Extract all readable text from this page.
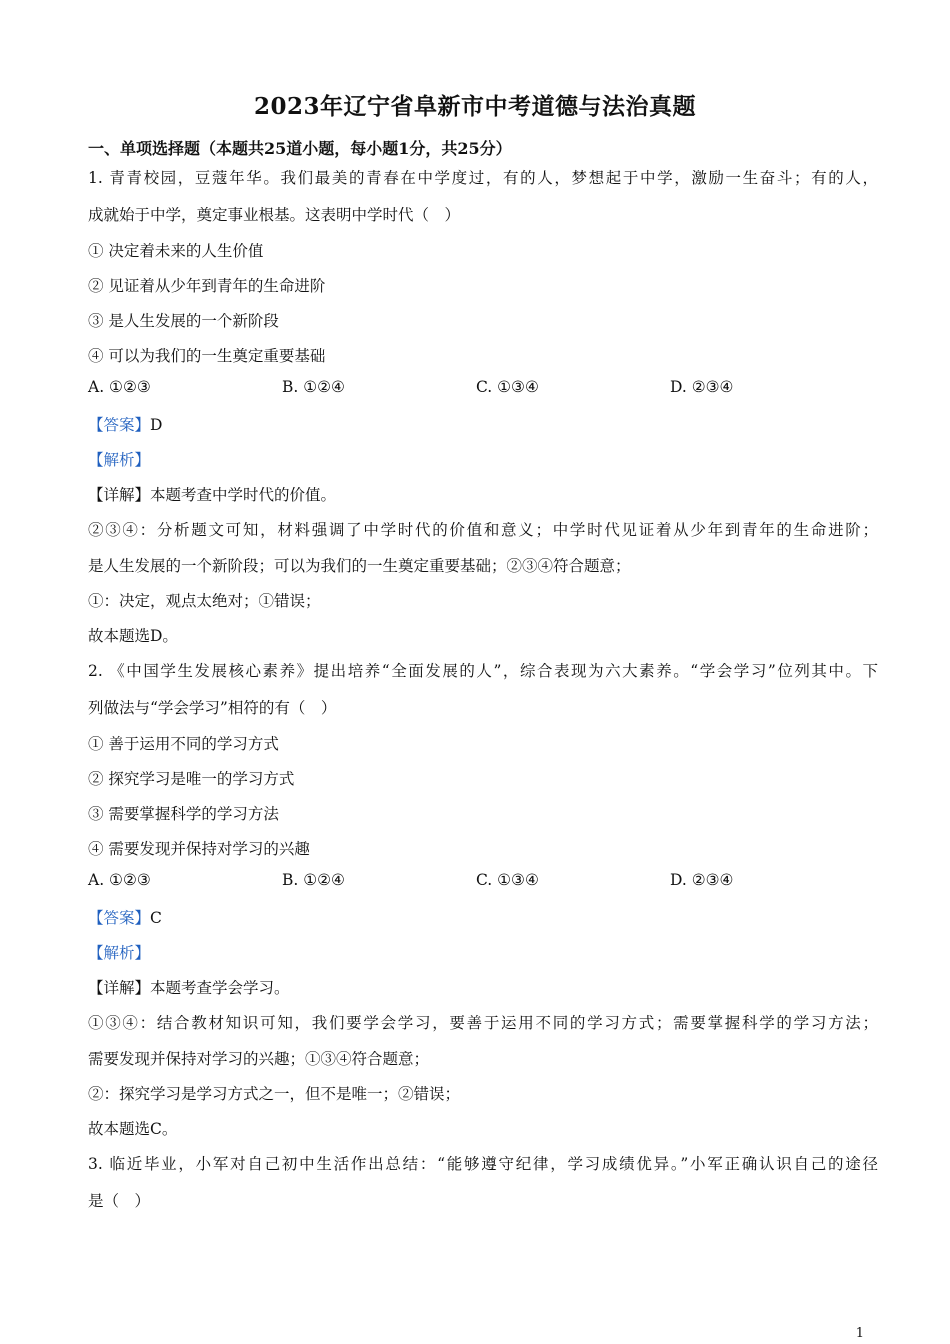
2023年辽宁省阜新市中考道德与法治真题
一、单项选择题（本题共25道小题，每小题1分，共25分）
1. 青青校园，豆蔻年华。我们最美的青春在中学度过，有的人，梦想起于中学，激励一生奋斗；有的人，
成就始于中学，奠定事业根基。这表明中学时代（　）
① 决定着未来的人生价值
② 见证着从少年到青年的生命进阶
③ 是人生发展的一个新阶段
④ 可以为我们的一生奠定重要基础
A. ①②③	B. ①②④	C. ①③④	D. ②③④
【答案】D
【解析】
【详解】本题考查中学时代的价值。
②③④：分析题文可知，材料强调了中学时代的价值和意义；中学时代见证着从少年到青年的生命进阶；
是人生发展的一个新阶段；可以为我们的一生奠定重要基础；②③④符合题意；
①：决定，观点太绝对；①错误；
故本题选D。
2. 《中国学生发展核心素养》提出培养“全面发展的人”，综合表现为六大素养。“学会学习”位列其中。下
列做法与“学会学习”相符的有（　）
① 善于运用不同的学习方式
② 探究学习是唯一的学习方式
③ 需要掌握科学的学习方法
④ 需要发现并保持对学习的兴趣
A. ①②③	B. ①②④	C. ①③④	D. ②③④
【答案】C
【解析】
【详解】本题考查学会学习。
①③④：结合教材知识可知，我们要学会学习，要善于运用不同的学习方式；需要掌握科学的学习方法；
需要发现并保持对学习的兴趣；①③④符合题意；
②：探究学习是学习方式之一，但不是唯一；②错误；
故本题选C。
3. 临近毕业，小军对自己初中生活作出总结：“能够遵守纪律，学习成绩优异。”小军正确认识自己的途径
是（　）
1
